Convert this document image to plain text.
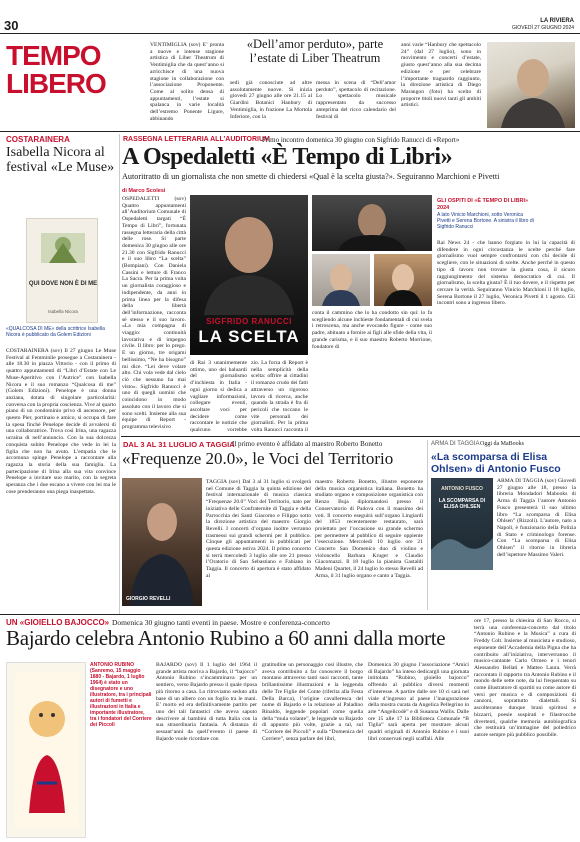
30	LA RIVIERA
GIOVEDÌ 27 GIUGNO 2024
TEMPO
LIBERO
«Dell’amor perduto», parte l’estate di Liber Theatrum
VENTIMIGLIA (sov) E’ pronta a nuove e intense stagione artistica di Liber Theatrum di Ventimiglia che da quest’anno si arricchisce di una nuova stagione in collaborazione con l’associazione Proponente. Come al solito densa di appuntamenti, l’estate si spalanca in varie località dell’estremo Ponente Ligure, abbinando
sedi già conosciute ad altre assolutamente nuove. Si inizia giovedì 27 giugno alle ore 21.15 al Giardini Botanici Hanbury di Ventimiglia, in frazione La Mortola Inferiore, con la
messa in scena di “Dell’amor perduto”, spettacolo di recitazione. Lo spettacolo musicale rappresentato da successo anteprima del ricco calendario del festival di
anni varie “Hanbury che spettacolo 24” (dal 27 luglio), sono in movimento e concerti d’estate, giusto quest’anno alla sua decima edizione e per celebrare l’importante traguardo raggiunto, la direzione artistica di Diego Marangon (foto) ha scelto di proporre titoli nuovi tanti gli ambiti artistici.
COSTARAINERA
Isabella Nicora al festival «Le Muse»
QUI DOVE NON È DI ME
Isabella Nicora
«QUALCOSA DI ME» della scrittrice Isabella Nicora è pubblicato da Golem Edizioni
COSTARAINERA (sov) Il 27 giugno Le Muse Festival al Femminile prosegue a Costarainera - alle 18.30 in piazza Vittorio - con il primo di quattro appuntamenti di “Libri d’Estate con Le Muse-Aperitivo con l’Autrice” con Isabella Nicora e il suo romanzo “Qualcosa di me” (Golem Edizioni). Penelope è una donna anziana, dotata di singolare particolarità: conversa con la propria coscienza. Vive al quarto piano di un condominio privo di ascensore, per questo Pier, portinaio e amico, si occupa di fare la spesa finché Penelope decide di avvalersi di una collaboratrice. Trova così Irina, una ragazza ucraina di nell’annuncio. Con la sua dolcezza conquista subito Penelope che vede in lei la figlia che non ha avuto. L’empatia che le accomuna spinge Penelope a raccontare alla ragazza la storia della sua famiglia. La partecipazione di Irina alla sua vita convince Penelope a invitare suo marito, con la segreta speranza che i due escano a vivere con lei ma le cose prenderanno una piega inaspettata.
RASSEGNA LETTERARIA ALL’AUDITORIUM
Primo incontro domenica 30 giugno con Sigfrido Ranucci di «Report»
A Ospedaletti «È Tempo di Libri»
Autoritratto di un giornalista che non smette di chiedersi «Qual è la scelta giusta?». Seguiranno Marchioni e Pivetti
di Marco Scolesi
OSPEDALETTI (sov) Quattro appuntamenti all’Auditorium Comunale di Ospedaletti targati “È Tempo di Libri”, fortunata rassegna letteraria della città delle rose. Si parte domenica 30 giugno alle ore 21.30 con Sigfrido Ranucci e il suo libro “La scelta” (Bompiani). Con Daniela Cassini e letture di Franco La Sacra. Per la prima volta un giornalista coraggioso e indipendente, da anni in prima linea per la difesa della libertà dell’informazione, racconta sé stesso e il suo lavoro. «La mia compagna di viaggio: continuità lavorativa e di impegno civile. Il libro: per lo prego. E un giorno, tre origami bellissimo, “Ne ha bisogno” mi dice. “Lei deve volare alto. Chi vola vede dal cielo ciò che nessuno ha mai visto». Sigfrido Ranucci è uno di quegli uomini che coincidono in modo assoluto con il lavoro che si sono scelti. Insieme alla sua équipe di Report - programma televisivo
SIGFRIDO RANUCCI
LA SCELTA
di Rai 3 unanimemente ottimo, uno dei baluardi del giornalismo d’inchiesta in Italia - ogni giorno si dedica a vagliare informazioni, collegare eventi, ascoltare voci per decidere come raccontare le notizie che qualcuno vorrebbe
zio. La forza di Report è nella semplicità della scelta: offrire ai cittadini il romanzo crudo dei fatti attraverso un rigoroso lavoro di ricerca, anche quando la strada è fra di pericoli che toccano le vite personali dei giornalisti. Per la prima volta Ranucci racconta il
conta il cammino che lo ha condotto sin qui: lo fa scegliendo alcune inchieste fondamentali di cui svela i retroscena, ma anche evocando figure - come suo padre, abituato a fornire ai figli alle sfide della vita, il grande carisma, e il suo maestro Roberto Morrione, fondatore di
GLI OSPITI DI «È TEMPO DI LIBRI» 2024
A lato Vinicio Marchioni, sotto Veronica Pivetti e Serena Bortone. A sinistra il libro di Sigfrido Ranucci
Rai News 24 - che hanno forgiato in lui la capacità di difendere in ogni circostanza le scelte perché fare giornalismo vuol sempre confrontarsi con chi decide di scegliere, con le situazioni di scelte. Anche perché in questo tipo di lavoro non trovare la giusta cosa, il sicuro raggiungimento del sistema democratico di cui. Il giornalismo, la scelta giusta? È il tuo dovere, e il rispetto per cercare la verità. Seguiranno Vinicio Marchioni il 18 luglio, Serena Bortone il 27 luglio, Veronica Pivetti il 1 agosto. Gli incontri sono a ingresso libero.
DAL 3 AL 31 LUGLIO A TAGGIA
Il primo evento è affidato al maestro Roberto Bonetto
«Frequenze 20.0», le Voci del Territorio
GIORGIO REVELLI
TAGGIA (sov) Dal 3 al 31 luglio si svolgerà nel Comune di Taggia la quinta edizione del festival internazionale di musica classica “Frequenze 20.0” Voci del Territorio, nato per iniziativa delle Confraternite di Taggia e della Parrocchia dei Santi Giacomo e Filippo sotto la direzione artistica del maestro Giorgio Revelli. I concerti d’organo inoltre verranno trasmessi sui grandi schermi per il pubblico. Cinque gli appuntamenti in pubblicati per questa edizione estiva 2024. Il primo concerto si terrà mercoledì 3 luglio alle ore 21 presso l’Oratorio di San Sebastiano e Fabiano in Taggia. Il concerto di apertura è stato affidato al
maestro Roberto Bonetto, illustre esponente della musica organistica italiana. Bonetto ha studiato organo e composizione organistica con Renzo Buja diplomandosi presso il Conservatorio di Padova con il massimo dei voti. Il concerto eseguirà sull’organo Lingiardi del 1853 recentemente restaurato, sarà proiettato per l’occasione su grande schermo per permettere al pubblico di seguire oppiente l’esecuzione. Mercoledì 10 luglio ore 21 Concerto San Domenico duo di violino e violoncello Barbara Kruger e Claudio Giacomazzi. Il 18 luglio la pianista Gastaldi Madeni Quartet, il 24 luglio lo stesso Revelli ad Arma, il 31 luglio organo e canto a Taggia.
ARMA DI TAGGIA Oggi da MaBooks
«La scomparsa di Elisa Ohlsen» di Antonio Fusco
ANTONIO FUSCO
LA SCOMPARSA DI ELISA OHLSEN
ARMA DI TAGGIA (sov) Giovedì 27 giugno alle 18, presso la libreria Mondadori Mabooks di Arma di Taggia l’autore Antonio Fusco presenterà il suo ultimo libro “La scomparsa di Elisa Ohlsen” (Rizzoli). L’autore, nato a Napoli, è funzionario della Polizia di Stato e criminologo forense. Con “La scomparsa di Elisa Ohlsen” il ritorno in libreria dell’ispettore Massimo Valeri.
UN «GIOIELLO BAJOCCO» Domenica 30 giugno tanti eventi in paese. Mostre e conferenza-concerto
Bajardo celebra Antonio Rubino a 60 anni dalla morte
ANTONIO RUBINO (Sanremo, 15 maggio 1880 - Bajardo, 1 luglio 1964) è stato un disegnatore e uno illustratore, tra i principali autori di fumetti e illustrazioni in Italia e importante illustratore, tra i fondatori del Corriere dei Piccoli
BAJARDO (sov) Il 1 luglio del 1964 il grande artista moriva a Bajardo, il “bajocco” Antonio Rubino s’incamminava per un sentiero, verso Bajardo presso il quale riposa più ritorno a casa. Lo ritroviamo seduto alla base di un albero con un foglio tra le mani. E’ morto ed era definitivamente partito per uno dei tali fantastici che aveva saputo descrivere ai bambini di tutta Italia con la sua straordinaria fantasia. A distanza di sessant’anni da quell’evento il paese di Bajardo vuole ricordare con
gratitudine un personaggio così illustre, che aveva contribuito a far conoscere il borgo montano attraverso tanti suoi racconti, tante brillantissime illustrazioni e la leggenda delle Tre Figlie del Conte (riferita alla Festa Della Barca), l’origine cavalleresca del nome di Bajardo e la relazione al Paladino Rinaldo, leggende popolari come quella della “mula volante”, le leggende su Bajardo di appunto più volte, grazie a tal, sul “Corriere dei Piccoli” e sulla “Domenica del Corriere”, senza parlare dei libri,
Domenica 30 giugno l’associazione “Amici di Bajardo” ha inteso dedicargli una giornata intitolata “Rubino, gioiello bajocco” offrendo al pubblico diversi momenti d’interesse. A partire dalle ore 10 ci sarà nel viale d’ingresso al paese l’inaugurazione della mostra curata da Angelica Pellegrino in arte “Angelicodè” e di Susanna Wallis. Dalle ore 15 alle 17 la Biblioteca Comunale “B Tiglia” sarà aperta per mostrare alcuni quadri originali di Antonio Rubino e i suoi libri conservati negli scaffali. Alle
ore 17, presso la chiesina di San Rocco, si terrà una conferenza-concerto dal titolo “Antonio Rubino e la Musica” a cura di Freddy Colt. Insieme al musicista e studioso, esponente dell’Accademia della Pigna che ha contribuito all’iniziativa, interverranno il musico-cantante Carlo Ormeo e i tenori Alessandro Bellati e Matteo Laura. Verrà raccontato il rapporto tra Antonio Rubino e il mondo delle sette note, da lui frequentato su come illustratore di spartiti su come autore di versi per musica e di composizioni di canzoni, soprattutto dialettali. Si ascolteranno dunque brani spiritosi e bizzarri, poesie sospirati e filastrocche divertenti, qualche memoria autobiografica che restituirà un’immagine del poliedrico autore sempre più pubblico possibile.
